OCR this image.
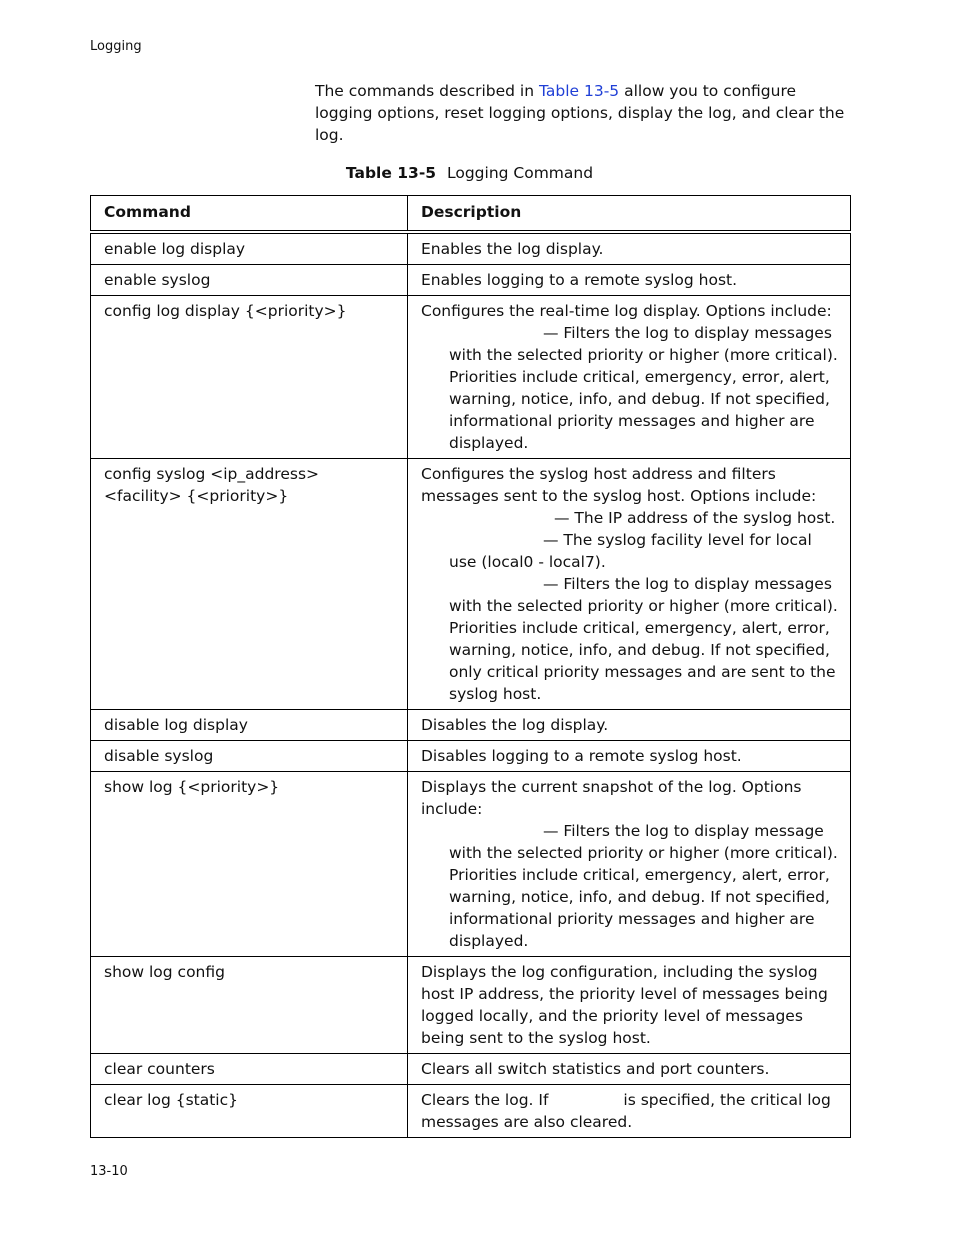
Logging

The commands described in Table 13-5 allow you to configure logging options, reset logging options, display the log, and clear the log.

Table 13-5 Logging Command
Command	Description
enable log display	Enables the log display.
enable syslog	Enables logging to a remote syslog host.
config log display {<priority>}	Configures the real-time log display. Options include:
— Filters the log to display messages with the selected priority or higher (more critical). Priorities include critical, emergency, error, alert, warning, notice, info, and debug. If not specified, informational priority messages and higher are displayed.

config syslog <ip_address> <facility> {<priority>}	Configures the syslog host address and filters messages sent to the syslog host. Options include:
— The IP address of the syslog host.
— The syslog facility level for local use (local0 - local7).
— Filters the log to display messages with the selected priority or higher (more critical). Priorities include critical, emergency, alert, error, warning, notice, info, and debug. If not specified, only critical priority messages and are sent to the syslog host.

disable log display	Disables the log display.
disable syslog	Disables logging to a remote syslog host.
show log {<priority>}	Displays the current snapshot of the log. Options include:
— Filters the log to display message with the selected priority or higher (more critical). Priorities include critical, emergency, alert, error, warning, notice, info, and debug. If not specified, informational priority messages and higher are displayed.

show log config	Displays the log configuration, including the syslog host IP address, the priority level of messages being logged locally, and the priority level of messages being sent to the syslog host.
clear counters	Clears all switch statistics and port counters.
clear log {static}	Clears the log. If is specified, the critical log messages are also cleared.
13-10
